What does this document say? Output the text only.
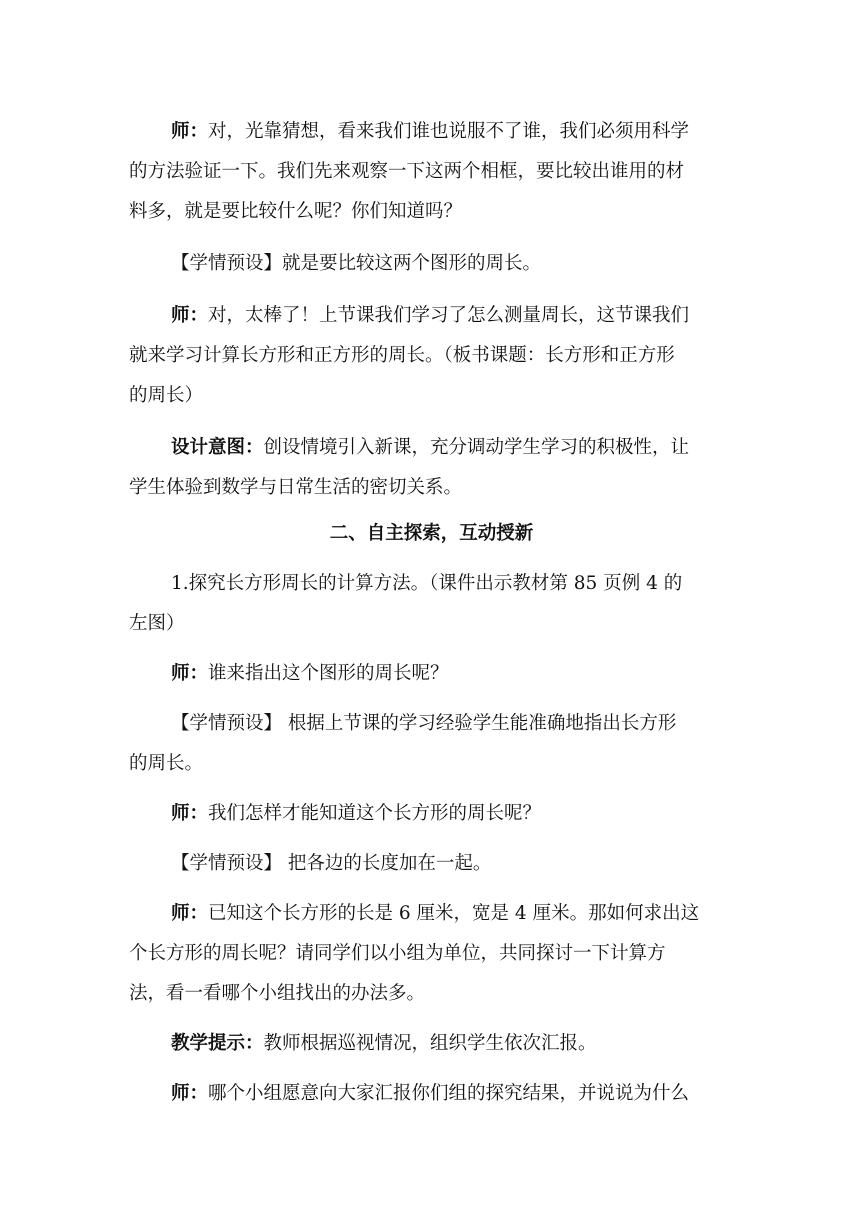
师：对，光靠猜想，看来我们谁也说服不了谁，我们必须用科学
的方法验证一下。我们先来观察一下这两个相框，要比较出谁用的材
料多，就是要比较什么呢？你们知道吗？
【学情预设】就是要比较这两个图形的周长。
师：对，太棒了！上节课我们学习了怎么测量周长，这节课我们
就来学习计算长方形和正方形的周长。（板书课题：长方形和正方形
的周长）
设计意图：创设情境引入新课，充分调动学生学习的积极性，让
学生体验到数学与日常生活的密切关系。
二、自主探索，互动授新
1.探究长方形周长的计算方法。（课件出示教材第 85 页例 4 的
左图）
师：谁来指出这个图形的周长呢？
【学情预设】 根据上节课的学习经验学生能准确地指出长方形
的周长。
师：我们怎样才能知道这个长方形的周长呢？
【学情预设】 把各边的长度加在一起。
师：已知这个长方形的长是 6 厘米，宽是 4 厘米。那如何求出这
个长方形的周长呢？请同学们以小组为单位，共同探讨一下计算方
法，看一看哪个小组找出的办法多。
教学提示：教师根据巡视情况，组织学生依次汇报。
师：哪个小组愿意向大家汇报你们组的探究结果，并说说为什么
